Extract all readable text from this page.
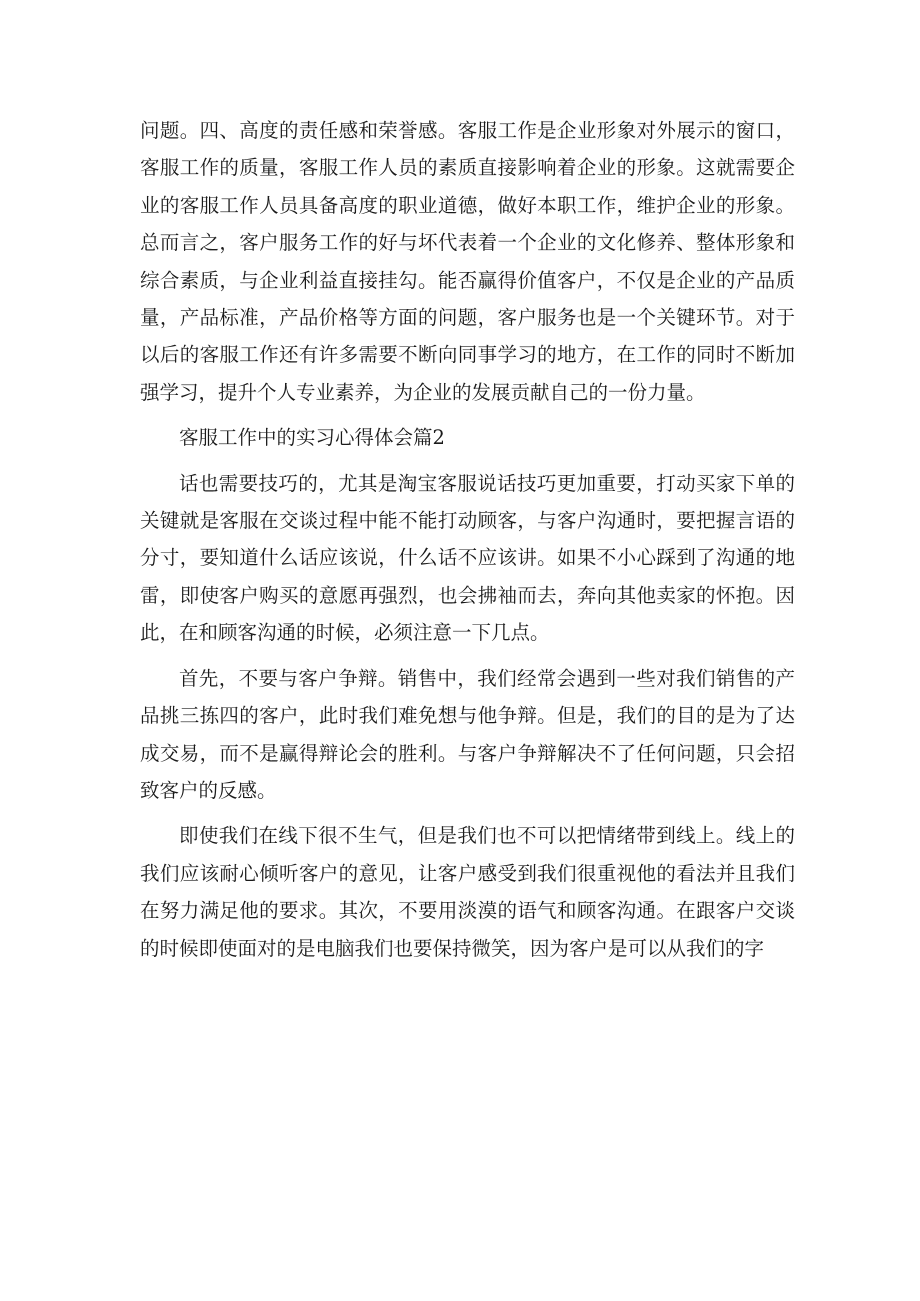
问题。四、高度的责任感和荣誉感。客服工作是企业形象对外展示的窗口，客服工作的质量，客服工作人员的素质直接影响着企业的形象。这就需要企业的客服工作人员具备高度的职业道德，做好本职工作，维护企业的形象。总而言之，客户服务工作的好与坏代表着一个企业的文化修养、整体形象和综合素质，与企业利益直接挂勾。能否赢得价值客户，不仅是企业的产品质量，产品标准，产品价格等方面的问题，客户服务也是一个关键环节。对于以后的客服工作还有许多需要不断向同事学习的地方，在工作的同时不断加强学习，提升个人专业素养，为企业的发展贡献自己的一份力量。

客服工作中的实习心得体会篇2

话也需要技巧的，尤其是淘宝客服说话技巧更加重要，打动买家下单的关键就是客服在交谈过程中能不能打动顾客，与客户沟通时，要把握言语的分寸，要知道什么话应该说，什么话不应该讲。如果不小心踩到了沟通的地雷，即使客户购买的意愿再强烈，也会拂袖而去，奔向其他卖家的怀抱。因此，在和顾客沟通的时候，必须注意一下几点。

首先，不要与客户争辩。销售中，我们经常会遇到一些对我们销售的产品挑三拣四的客户，此时我们难免想与他争辩。但是，我们的目的是为了达成交易，而不是赢得辩论会的胜利。与客户争辩解决不了任何问题，只会招致客户的反感。

即使我们在线下很不生气，但是我们也不可以把情绪带到线上。线上的我们应该耐心倾听客户的意见，让客户感受到我们很重视他的看法并且我们在努力满足他的要求。其次，不要用淡漠的语气和顾客沟通。在跟客户交谈的时候即使面对的是电脑我们也要保持微笑，因为客户是可以从我们的字
